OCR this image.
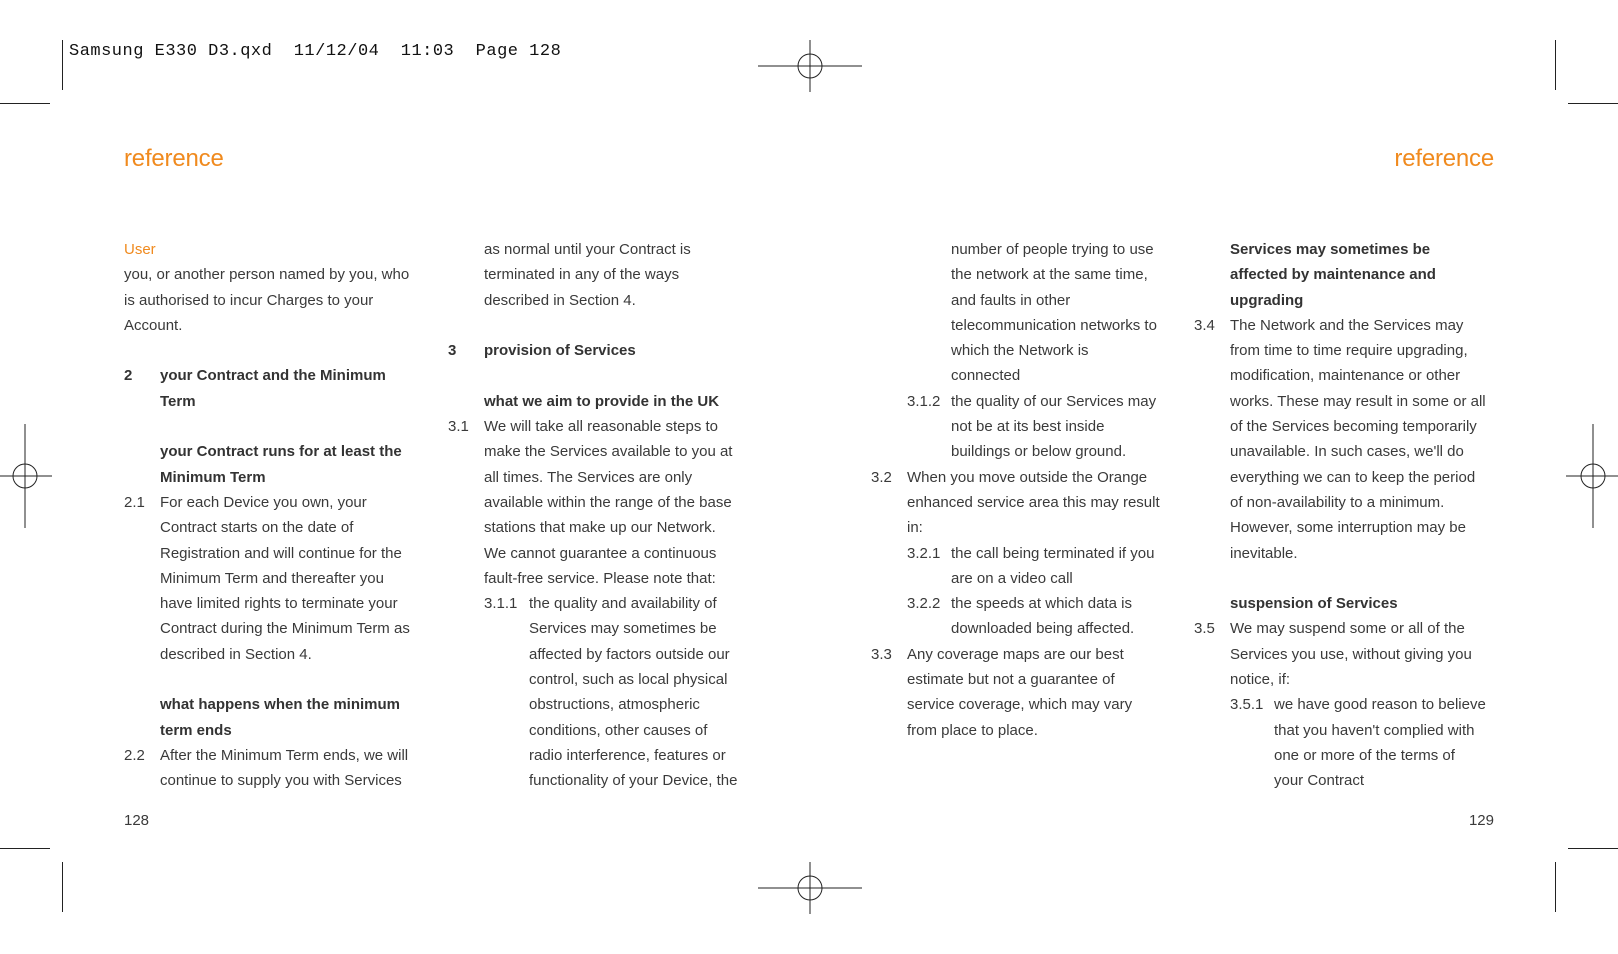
Samsung E330 D3.qxd  11/12/04  11:03  Page 128
reference	reference
User
you, or another person named by you, who
is authorised to incur Charges to your
Account.
2	your Contract and the Minimum
Term
your Contract runs for at least the
Minimum Term
2.1	For each Device you own, your
Contract starts on the date of
Registration and will continue for the
Minimum Term and thereafter you
have limited rights to terminate your
Contract during the Minimum Term as
described in Section 4.
what happens when the minimum
term ends
2.2	After the Minimum Term ends, we will
continue to supply you with Services
as normal until your Contract is
terminated in any of the ways
described in Section 4.
3	provision of Services
what we aim to provide in the UK
3.1	We will take all reasonable steps to
make the Services available to you at
all times. The Services are only
available within the range of the base
stations that make up our Network.
We cannot guarantee a continuous
fault-free service. Please note that:
3.1.1 the quality and availability of
Services may sometimes be
affected by factors outside our
control, such as local physical
obstructions, atmospheric
conditions, other causes of
radio interference, features or
functionality of your Device, the
number of people trying to use
the network at the same time,
and faults in other
telecommunication networks to
which the Network is
connected
3.1.2 the quality of our Services may
not be at its best inside
buildings or below ground.
3.2	When you move outside the Orange
enhanced service area this may result
in:
3.2.1 the call being terminated if you
are on a video call
3.2.2 the speeds at which data is
downloaded being affected.
3.3	Any coverage maps are our best
estimate but not a guarantee of
service coverage, which may vary
from place to place.
Services may sometimes be
affected by maintenance and
upgrading
3.4	The Network and the Services may
from time to time require upgrading,
modification, maintenance or other
works. These may result in some or all
of the Services becoming temporarily
unavailable. In such cases, we'll do
everything we can to keep the period
of non-availability to a minimum.
However, some interruption may be
inevitable.
suspension of Services
3.5	We may suspend some or all of the
Services you use, without giving you
notice, if:
3.5.1 we have good reason to believe
that you haven't complied with
one or more of the terms of
your Contract
128	129
